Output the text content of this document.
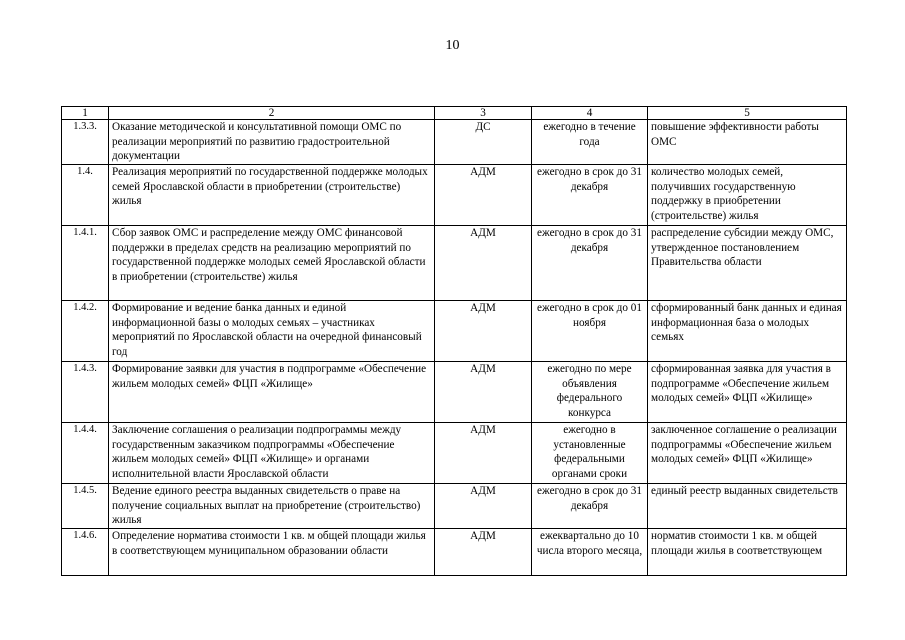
10
1	2	3	4	5
1.3.3.	Оказание методической и консультативной помощи ОМС по реализации мероприятий по развитию градостроительной документации	ДС	ежегодно в течение года	повышение эффективности работы ОМС
1.4.	Реализация мероприятий по государственной поддержке молодых семей Ярославской области в приобретении (строительстве) жилья	АДМ	ежегодно в срок до 31 декабря	количество молодых семей, получивших государственную поддержку в приобретении (строительстве) жилья
1.4.1.	Сбор заявок ОМС и распределение между ОМС финансовой поддержки в пределах средств на реализацию мероприятий по государственной поддержке молодых семей Ярославской области в приобретении (строительстве) жилья	АДМ	ежегодно в срок до 31 декабря	распределение субсидии между ОМС, утвержденное постановлением Правительства области
1.4.2.	Формирование и ведение банка данных и единой информационной базы о молодых семьях – участниках мероприятий по Ярославской области на очередной финансовый год	АДМ	ежегодно в срок до 01 ноября	сформированный банк данных и единая информационная база о молодых семьях
1.4.3.	Формирование заявки для участия в подпрограмме «Обеспечение жильем молодых семей» ФЦП «Жилище»	АДМ	ежегодно по мере объявления федерального конкурса	сформированная заявка для участия в подпрограмме «Обеспечение жильем молодых семей» ФЦП «Жилище»
1.4.4.	Заключение соглашения о реализации подпрограммы между государственным заказчиком подпрограммы «Обеспечение жильем молодых семей» ФЦП «Жилище» и органами исполнительной власти Ярославской области	АДМ	ежегодно в установленные федеральными органами сроки	заключенное соглашение о реализации подпрограммы «Обеспечение жильем молодых семей» ФЦП «Жилище»
1.4.5.	Ведение единого реестра выданных свидетельств о праве на получение социальных выплат на приобретение (строительство) жилья	АДМ	ежегодно в срок до 31 декабря	единый реестр выданных свидетельств
1.4.6.	Определение норматива стоимости 1 кв. м общей площади жилья в соответствующем муниципальном образовании области	АДМ	ежеквартально до 10 числа второго месяца,	норматив стоимости 1 кв. м общей площади жилья в соответствующем
